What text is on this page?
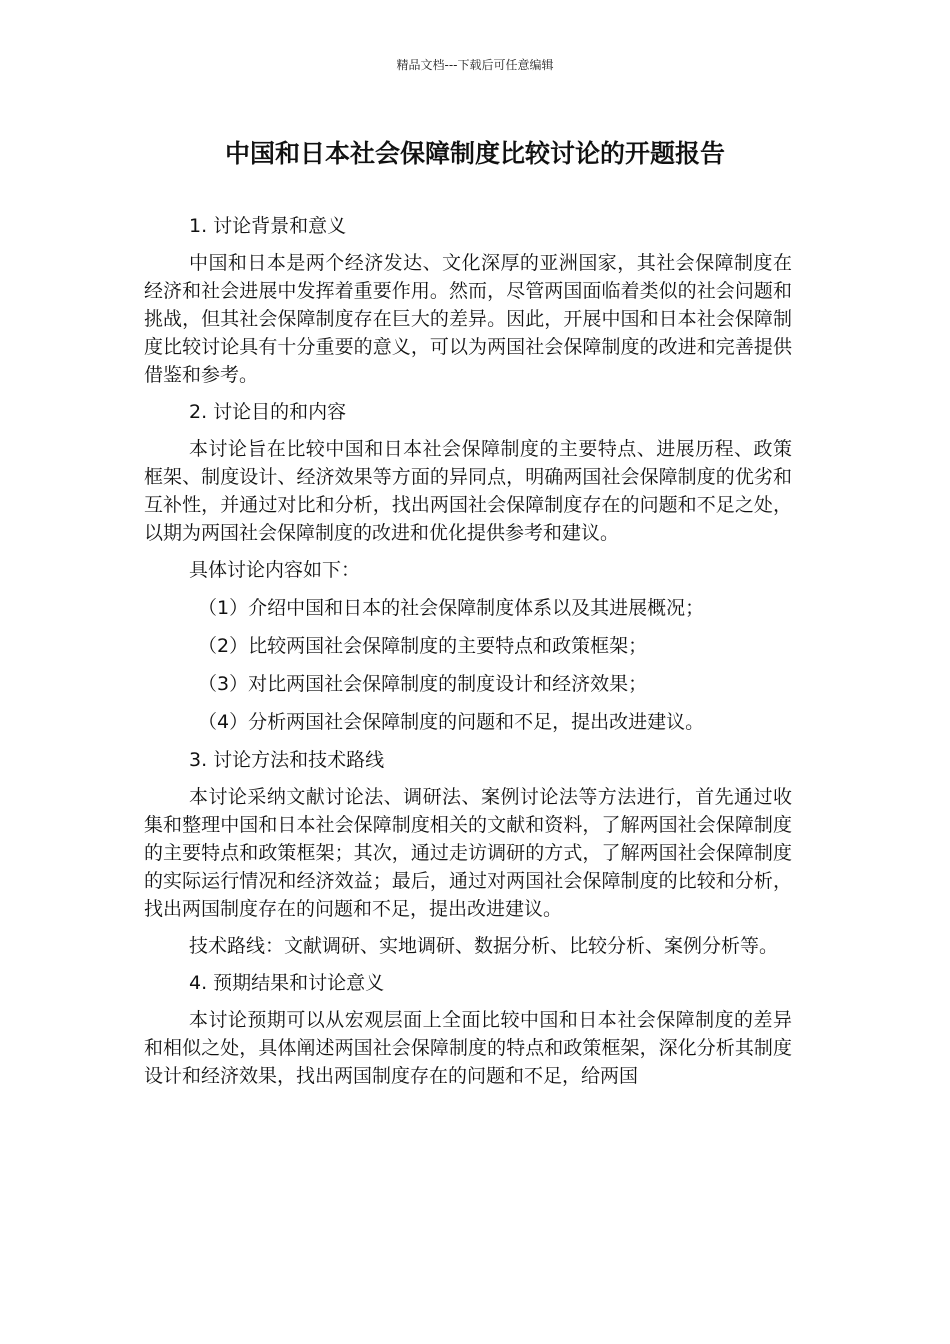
精品文档---下载后可任意编辑
中国和日本社会保障制度比较讨论的开题报告

1. 讨论背景和意义

中国和日本是两个经济发达、文化深厚的亚洲国家，其社会保障制度在经济和社会进展中发挥着重要作用。然而，尽管两国面临着类似的社会问题和挑战，但其社会保障制度存在巨大的差异。因此，开展中国和日本社会保障制度比较讨论具有十分重要的意义，可以为两国社会保障制度的改进和完善提供借鉴和参考。

2. 讨论目的和内容

本讨论旨在比较中国和日本社会保障制度的主要特点、进展历程、政策框架、制度设计、经济效果等方面的异同点，明确两国社会保障制度的优劣和互补性，并通过对比和分析，找出两国社会保障制度存在的问题和不足之处，以期为两国社会保障制度的改进和优化提供参考和建议。

具体讨论内容如下：

（1）介绍中国和日本的社会保障制度体系以及其进展概况；

（2）比较两国社会保障制度的主要特点和政策框架；

（3）对比两国社会保障制度的制度设计和经济效果；

（4）分析两国社会保障制度的问题和不足，提出改进建议。

3. 讨论方法和技术路线

本讨论采纳文献讨论法、调研法、案例讨论法等方法进行，首先通过收集和整理中国和日本社会保障制度相关的文献和资料，了解两国社会保障制度的主要特点和政策框架；其次，通过走访调研的方式，了解两国社会保障制度的实际运行情况和经济效益；最后，通过对两国社会保障制度的比较和分析，找出两国制度存在的问题和不足，提出改进建议。

技术路线：文献调研、实地调研、数据分析、比较分析、案例分析等。

4. 预期结果和讨论意义

本讨论预期可以从宏观层面上全面比较中国和日本社会保障制度的差异和相似之处，具体阐述两国社会保障制度的特点和政策框架，深化分析其制度设计和经济效果，找出两国制度存在的问题和不足，给两国
